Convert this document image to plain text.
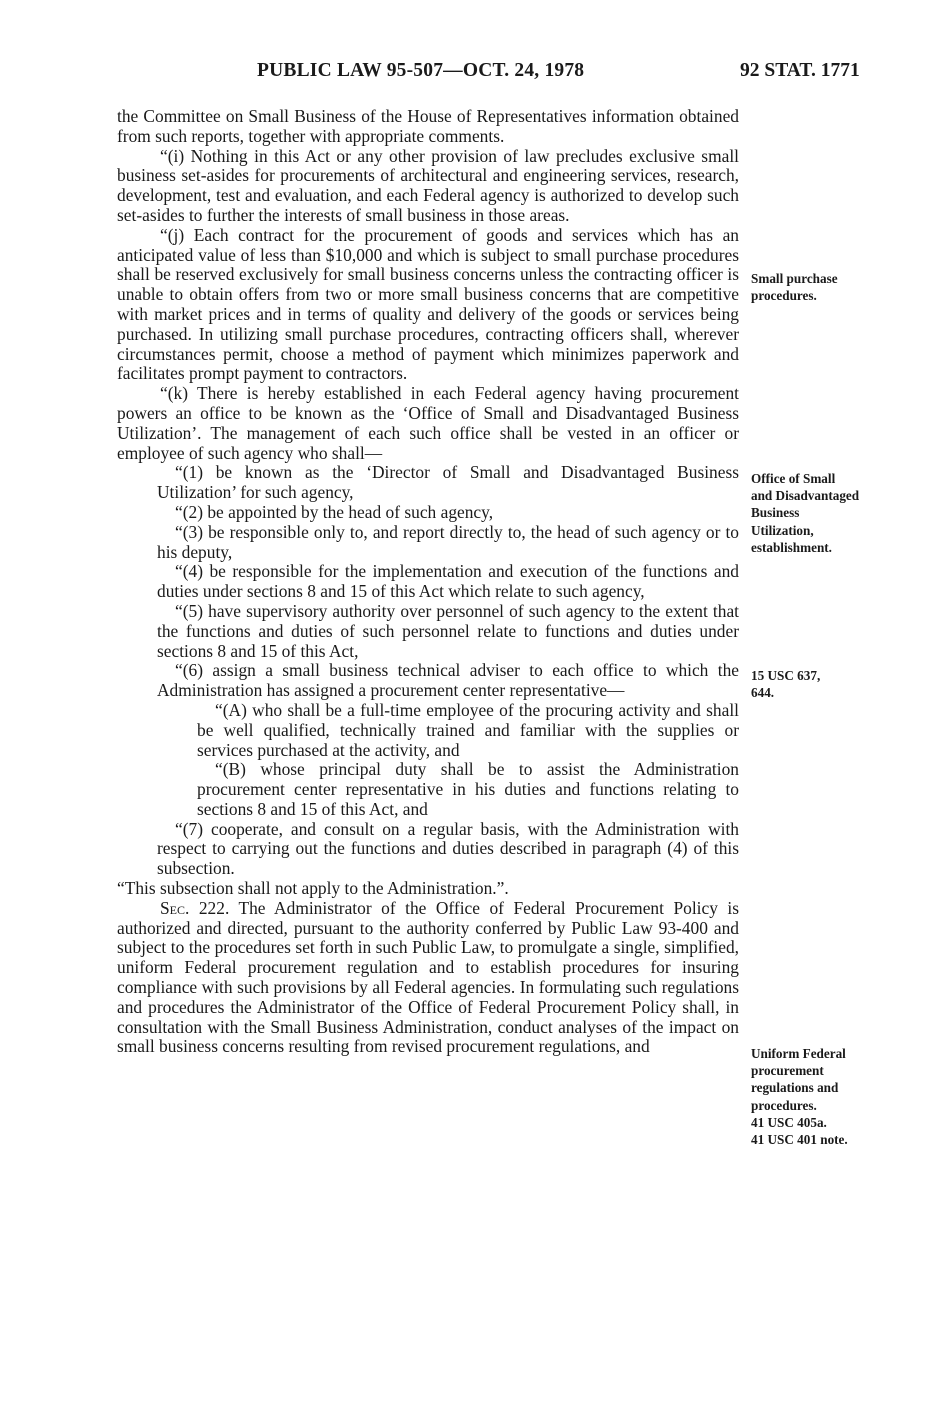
PUBLIC LAW 95-507—OCT. 24, 1978	92 STAT. 1771

the Committee on Small Business of the House of Representatives information obtained from such reports, together with appropriate comments.

“(i) Nothing in this Act or any other provision of law precludes exclusive small business set-asides for procurements of architectural and engineering services, research, development, test and evaluation, and each Federal agency is authorized to develop such set-asides to further the interests of small business in those areas.

“(j) Each contract for the procurement of goods and services which has an anticipated value of less than $10,000 and which is subject to small purchase procedures shall be reserved exclusively for small business concerns unless the contracting officer is unable to obtain offers from two or more small business concerns that are competitive with market prices and in terms of quality and delivery of the goods or services being purchased. In utilizing small purchase procedures, contracting officers shall, wherever circumstances permit, choose a method of payment which minimizes paperwork and facilitates prompt payment to contractors.

“(k) There is hereby established in each Federal agency having procurement powers an office to be known as the ‘Office of Small and Disadvantaged Business Utilization’. The management of each such office shall be vested in an officer or employee of such agency who shall—

“(1) be known as the ‘Director of Small and Disadvantaged Business Utilization’ for such agency,

“(2) be appointed by the head of such agency,

“(3) be responsible only to, and report directly to, the head of such agency or to his deputy,

“(4) be responsible for the implementation and execution of the functions and duties under sections 8 and 15 of this Act which relate to such agency,

“(5) have supervisory authority over personnel of such agency to the extent that the functions and duties of such personnel relate to functions and duties under sections 8 and 15 of this Act,

“(6) assign a small business technical adviser to each office to which the Administration has assigned a procurement center representative—

“(A) who shall be a full-time employee of the procuring activity and shall be well qualified, technically trained and familiar with the supplies or services purchased at the activity, and

“(B) whose principal duty shall be to assist the Administration procurement center representative in his duties and functions relating to sections 8 and 15 of this Act, and

“(7) cooperate, and consult on a regular basis, with the Administration with respect to carrying out the functions and duties described in paragraph (4) of this subsection.

“This subsection shall not apply to the Administration.”.

Sec. 222. The Administrator of the Office of Federal Procurement Policy is authorized and directed, pursuant to the authority conferred by Public Law 93-400 and subject to the procedures set forth in such Public Law, to promulgate a single, simplified, uniform Federal procurement regulation and to establish procedures for insuring compliance with such provisions by all Federal agencies. In formulating such regulations and procedures the Administrator of the Office of Federal Procurement Policy shall, in consultation with the Small Business Administration, conduct analyses of the impact on small business concerns resulting from revised procurement regulations, and

Small purchase
procedures.
Office of Small
and Disadvantaged
Business
Utilization,
establishment.
15 USC 637,
644.
Uniform Federal
procurement
regulations and
procedures.
41 USC 405a.
41 USC 401 note.
